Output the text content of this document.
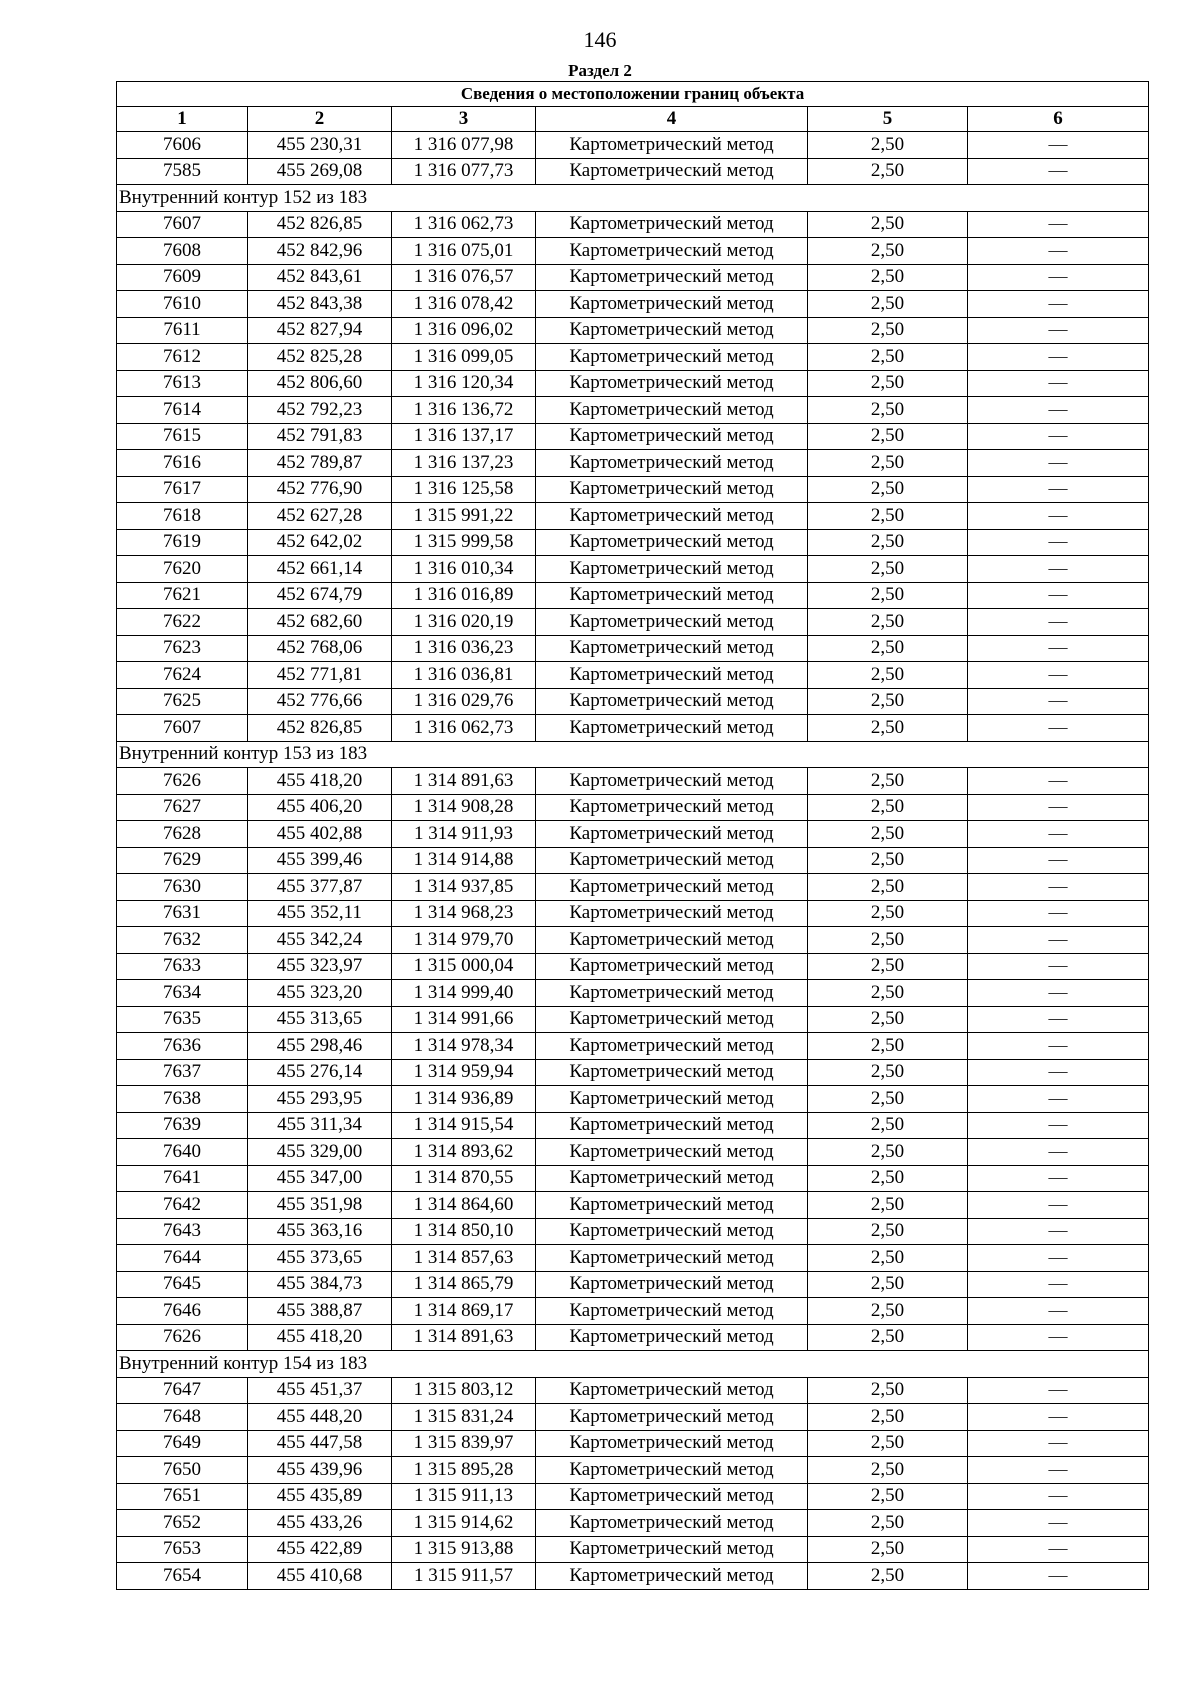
146
Раздел 2
Сведения о местоположении границ объекта					
1	2	3	4	5	6
7606	455 230,31	1 316 077,98	Картометрический метод	2,50	—
7585	455 269,08	1 316 077,73	Картометрический метод	2,50	—
Внутренний контур 152 из 183					
7607	452 826,85	1 316 062,73	Картометрический метод	2,50	—
7608	452 842,96	1 316 075,01	Картометрический метод	2,50	—
7609	452 843,61	1 316 076,57	Картометрический метод	2,50	—
7610	452 843,38	1 316 078,42	Картометрический метод	2,50	—
7611	452 827,94	1 316 096,02	Картометрический метод	2,50	—
7612	452 825,28	1 316 099,05	Картометрический метод	2,50	—
7613	452 806,60	1 316 120,34	Картометрический метод	2,50	—
7614	452 792,23	1 316 136,72	Картометрический метод	2,50	—
7615	452 791,83	1 316 137,17	Картометрический метод	2,50	—
7616	452 789,87	1 316 137,23	Картометрический метод	2,50	—
7617	452 776,90	1 316 125,58	Картометрический метод	2,50	—
7618	452 627,28	1 315 991,22	Картометрический метод	2,50	—
7619	452 642,02	1 315 999,58	Картометрический метод	2,50	—
7620	452 661,14	1 316 010,34	Картометрический метод	2,50	—
7621	452 674,79	1 316 016,89	Картометрический метод	2,50	—
7622	452 682,60	1 316 020,19	Картометрический метод	2,50	—
7623	452 768,06	1 316 036,23	Картометрический метод	2,50	—
7624	452 771,81	1 316 036,81	Картометрический метод	2,50	—
7625	452 776,66	1 316 029,76	Картометрический метод	2,50	—
7607	452 826,85	1 316 062,73	Картометрический метод	2,50	—
Внутренний контур 153 из 183					
7626	455 418,20	1 314 891,63	Картометрический метод	2,50	—
7627	455 406,20	1 314 908,28	Картометрический метод	2,50	—
7628	455 402,88	1 314 911,93	Картометрический метод	2,50	—
7629	455 399,46	1 314 914,88	Картометрический метод	2,50	—
7630	455 377,87	1 314 937,85	Картометрический метод	2,50	—
7631	455 352,11	1 314 968,23	Картометрический метод	2,50	—
7632	455 342,24	1 314 979,70	Картометрический метод	2,50	—
7633	455 323,97	1 315 000,04	Картометрический метод	2,50	—
7634	455 323,20	1 314 999,40	Картометрический метод	2,50	—
7635	455 313,65	1 314 991,66	Картометрический метод	2,50	—
7636	455 298,46	1 314 978,34	Картометрический метод	2,50	—
7637	455 276,14	1 314 959,94	Картометрический метод	2,50	—
7638	455 293,95	1 314 936,89	Картометрический метод	2,50	—
7639	455 311,34	1 314 915,54	Картометрический метод	2,50	—
7640	455 329,00	1 314 893,62	Картометрический метод	2,50	—
7641	455 347,00	1 314 870,55	Картометрический метод	2,50	—
7642	455 351,98	1 314 864,60	Картометрический метод	2,50	—
7643	455 363,16	1 314 850,10	Картометрический метод	2,50	—
7644	455 373,65	1 314 857,63	Картометрический метод	2,50	—
7645	455 384,73	1 314 865,79	Картометрический метод	2,50	—
7646	455 388,87	1 314 869,17	Картометрический метод	2,50	—
7626	455 418,20	1 314 891,63	Картометрический метод	2,50	—
Внутренний контур 154 из 183					
7647	455 451,37	1 315 803,12	Картометрический метод	2,50	—
7648	455 448,20	1 315 831,24	Картометрический метод	2,50	—
7649	455 447,58	1 315 839,97	Картометрический метод	2,50	—
7650	455 439,96	1 315 895,28	Картометрический метод	2,50	—
7651	455 435,89	1 315 911,13	Картометрический метод	2,50	—
7652	455 433,26	1 315 914,62	Картометрический метод	2,50	—
7653	455 422,89	1 315 913,88	Картометрический метод	2,50	—
7654	455 410,68	1 315 911,57	Картометрический метод	2,50	—
